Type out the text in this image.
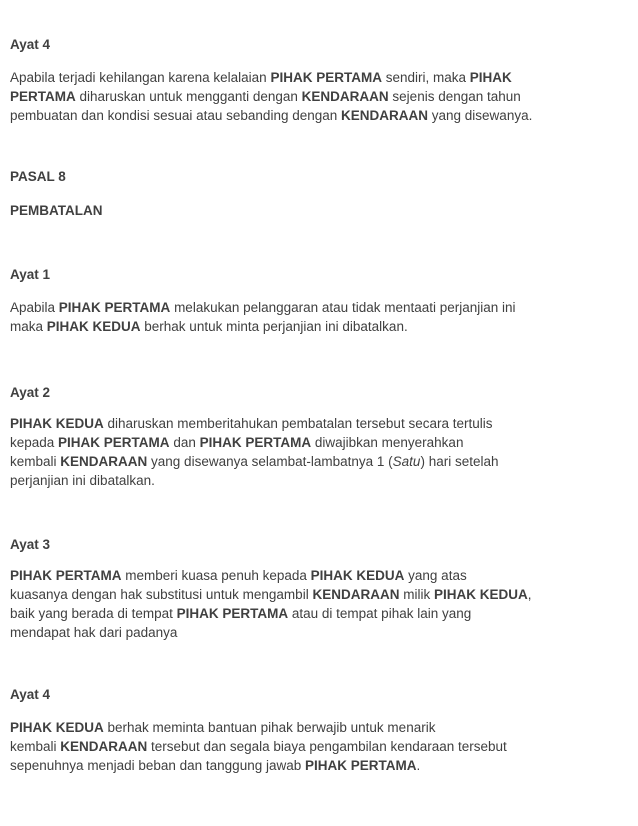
Ayat 4
Apabila terjadi kehilangan karena kelalaian PIHAK PERTAMA sendiri, maka PIHAK
PERTAMA diharuskan untuk mengganti dengan KENDARAAN sejenis dengan tahun
pembuatan dan kondisi sesuai atau sebanding dengan KENDARAAN yang disewanya.
PASAL 8
PEMBATALAN
Ayat 1
Apabila PIHAK PERTAMA melakukan pelanggaran atau tidak mentaati perjanjian ini
maka PIHAK KEDUA berhak untuk minta perjanjian ini dibatalkan.
Ayat 2
PIHAK KEDUA diharuskan memberitahukan pembatalan tersebut secara tertulis
kepada PIHAK PERTAMA dan PIHAK PERTAMA diwajibkan menyerahkan
kembali KENDARAAN yang disewanya selambat-lambatnya 1 (Satu) hari setelah
perjanjian ini dibatalkan.
Ayat 3
PIHAK PERTAMA memberi kuasa penuh kepada PIHAK KEDUA yang atas
kuasanya dengan hak substitusi untuk mengambil KENDARAAN milik PIHAK KEDUA,
baik yang berada di tempat PIHAK PERTAMA atau di tempat pihak lain yang
mendapat hak dari padanya
Ayat 4
PIHAK KEDUA berhak meminta bantuan pihak berwajib untuk menarik
kembali KENDARAAN tersebut dan segala biaya pengambilan kendaraan tersebut
sepenuhnya menjadi beban dan tanggung jawab PIHAK PERTAMA.
